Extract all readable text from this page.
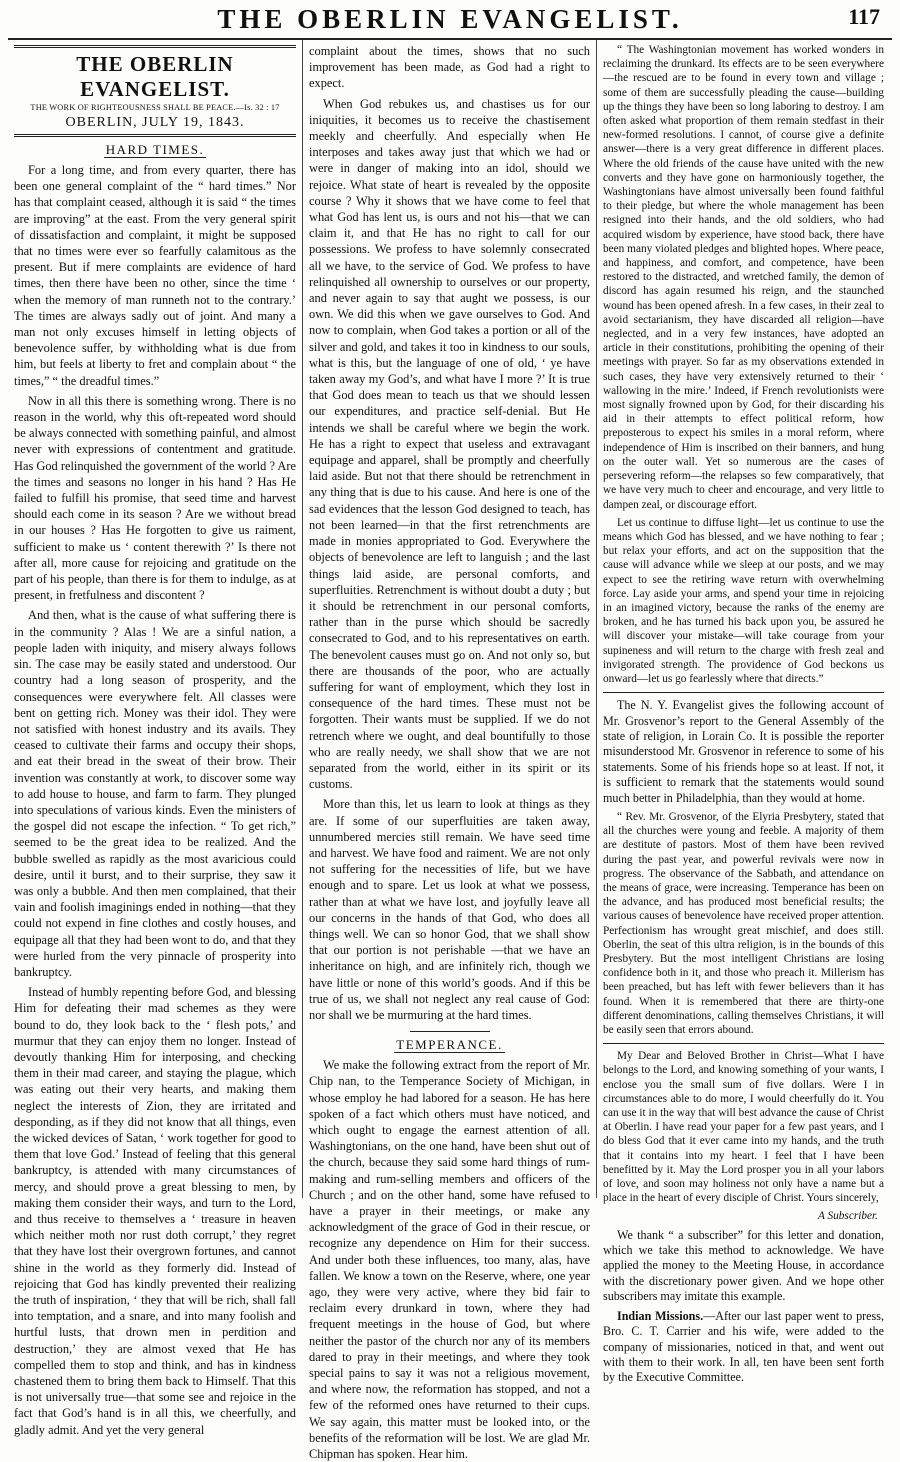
THE OBERLIN EVANGELIST.	117
THE OBERLIN EVANGELIST.
THE WORK OF RIGHTEOUSNESS SHALL BE PEACE.—Is. 32 : 17
OBERLIN, JULY 19, 1843.
HARD TIMES.

For a long time, and from every quarter, there has been one general complaint of the “ hard times.” Nor has that complaint ceased, although it is said “ the times are improving” at the east. From the very general spirit of dissatisfaction and complaint, it might be supposed that no times were ever so fearfully calamitous as the present. But if mere complaints are evidence of hard times, then there have been no other, since the time ‘ when the memory of man runneth not to the contrary.’ The times are always sadly out of joint. And many a man not only excuses himself in letting objects of benevolence suffer, by withholding what is due from him, but feels at liberty to fret and complain about “ the times,” “ the dreadful times.”

Now in all this there is something wrong. There is no reason in the world, why this oft-repeated word should be always connected with something painful, and almost never with expressions of contentment and gratitude. Has God relinquished the government of the world ? Are the times and seasons no longer in his hand ? Has He failed to fulfill his promise, that seed time and harvest should each come in its season ? Are we without bread in our houses ? Has He forgotten to give us raiment, sufficient to make us ‘ content therewith ?’ Is there not after all, more cause for rejoicing and gratitude on the part of his people, than there is for them to indulge, as at present, in fretfulness and discontent ?

And then, what is the cause of what suffering there is in the community ? Alas ! We are a sinful nation, a people laden with iniquity, and misery always follows sin. The case may be easily stated and understood. Our country had a long season of prosperity, and the consequences were everywhere felt. All classes were bent on getting rich. Money was their idol. They were not satisfied with honest industry and its avails. They ceased to cultivate their farms and occupy their shops, and eat their bread in the sweat of their brow. Their invention was constantly at work, to discover some way to add house to house, and farm to farm. They plunged into speculations of various kinds. Even the ministers of the gospel did not escape the infection. “ To get rich,” seemed to be the great idea to be realized. And the bubble swelled as rapidly as the most avaricious could desire, until it burst, and to their surprise, they saw it was only a bubble. And then men complained, that their vain and foolish imaginings ended in nothing—that they could not expend in fine clothes and costly houses, and equipage all that they had been wont to do, and that they were hurled from the very pinnacle of prosperity into bankruptcy.

Instead of humbly repenting before God, and blessing Him for defeating their mad schemes as they were bound to do, they look back to the ‘ flesh pots,’ and murmur that they can enjoy them no longer. Instead of devoutly thanking Him for interposing, and checking them in their mad career, and staying the plague, which was eating out their very hearts, and making them neglect the interests of Zion, they are irritated and desponding, as if they did not know that all things, even the wicked devices of Satan, ‘ work together for good to them that love God.’ Instead of feeling that this general bankruptcy, is attended with many circumstances of mercy, and should prove a great blessing to men, by making them consider their ways, and turn to the Lord, and thus receive to themselves a ‘ treasure in heaven which neither moth nor rust doth corrupt,’ they regret that they have lost their overgrown fortunes, and cannot shine in the world as they formerly did. Instead of rejoicing that God has kindly prevented their realizing the truth of inspiration, ‘ they that will be rich, shall fall into temptation, and a snare, and into many foolish and hurtful lusts, that drown men in perdition and destruction,’ they are almost vexed that He has compelled them to stop and think, and has in kindness chastened them to bring them back to Himself. That this is not universally true—that some see and rejoice in the fact that God’s hand is in all this, we cheerfully, and gladly admit. And yet the very general

complaint about the times, shows that no such improvement has been made, as God had a right to expect.

When God rebukes us, and chastises us for our iniquities, it becomes us to receive the chastisement meekly and cheerfully. And especially when He interposes and takes away just that which we had or were in danger of making into an idol, should we rejoice. What state of heart is revealed by the opposite course ? Why it shows that we have come to feel that what God has lent us, is ours and not his—that we can claim it, and that He has no right to call for our possessions. We profess to have solemnly consecrated all we have, to the service of God. We profess to have relinquished all ownership to ourselves or our property, and never again to say that aught we possess, is our own. We did this when we gave ourselves to God. And now to complain, when God takes a portion or all of the silver and gold, and takes it too in kindness to our souls, what is this, but the language of one of old, ‘ ye have taken away my God’s, and what have I more ?’ It is true that God does mean to teach us that we should lessen our expenditures, and practice self-denial. But He intends we shall be careful where we begin the work. He has a right to expect that useless and extravagant equipage and apparel, shall be promptly and cheerfully laid aside. But not that there should be retrenchment in any thing that is due to his cause. And here is one of the sad evidences that the lesson God designed to teach, has not been learned—in that the first retrenchments are made in monies appropriated to God. Everywhere the objects of benevolence are left to languish ; and the last things laid aside, are personal comforts, and superfluities. Retrenchment is without doubt a duty ; but it should be retrenchment in our personal comforts, rather than in the purse which should be sacredly consecrated to God, and to his representatives on earth. The benevolent causes must go on. And not only so, but there are thousands of the poor, who are actually suffering for want of employment, which they lost in consequence of the hard times. These must not be forgotten. Their wants must be supplied. If we do not retrench where we ought, and deal bountifully to those who are really needy, we shall show that we are not separated from the world, either in its spirit or its customs.

More than this, let us learn to look at things as they are. If some of our superfluities are taken away, unnumbered mercies still remain. We have seed time and harvest. We have food and raiment. We are not only not suffering for the necessities of life, but we have enough and to spare. Let us look at what we possess, rather than at what we have lost, and joyfully leave all our concerns in the hands of that God, who does all things well. We can so honor God, that we shall show that our portion is not perishable —that we have an inheritance on high, and are infinitely rich, though we have little or none of this world’s goods. And if this be true of us, we shall not neglect any real cause of God: nor shall we be murmuring at the hard times.

TEMPERANCE.

We make the following extract from the report of Mr. Chip nan, to the Temperance Society of Michigan, in whose employ he had labored for a season. He has here spoken of a fact which others must have noticed, and which ought to engage the earnest attention of all. Washingtonians, on the one hand, have been shut out of the church, because they said some hard things of rum-making and rum-selling members and officers of the Church ; and on the other hand, some have refused to have a prayer in their meetings, or make any acknowledgment of the grace of God in their rescue, or recognize any dependence on Him for their success. And under both these influences, too many, alas, have fallen. We know a town on the Reserve, where, one year ago, they were very active, where they bid fair to reclaim every drunkard in town, where they had frequent meetings in the house of God, but where neither the pastor of the church nor any of its members dared to pray in their meetings, and where they took special pains to say it was not a religious movement, and where now, the reformation has stopped, and not a few of the reformed ones have returned to their cups. We say again, this matter must be looked into, or the benefits of the reformation will be lost. We are glad Mr. Chipman has spoken. Hear him.

“ The Washingtonian movement has worked wonders in reclaiming the drunkard. Its effects are to be seen everywhere—the rescued are to be found in every town and village ; some of them are successfully pleading the cause—building up the things they have been so long laboring to destroy. I am often asked what proportion of them remain stedfast in their new-formed resolutions. I cannot, of course give a definite answer—there is a very great difference in different places. Where the old friends of the cause have united with the new converts and they have gone on harmoniously together, the Washingtonians have almost universally been found faithful to their pledge, but where the whole management has been resigned into their hands, and the old soldiers, who had acquired wisdom by experience, have stood back, there have been many violated pledges and blighted hopes. Where peace, and happiness, and comfort, and competence, have been restored to the distracted, and wretched family, the demon of discord has again resumed his reign, and the staunched wound has been opened afresh. In a few cases, in their zeal to avoid sectarianism, they have discarded all religion—have neglected, and in a very few instances, have adopted an article in their constitutions, prohibiting the opening of their meetings with prayer. So far as my observations extended in such cases, they have very extensively returned to their ‘ wallowing in the mire.’ Indeed, if French revolutionists were most signally frowned upon by God, for their discarding his aid in their attempts to effect political reform, how preposterous to expect his smiles in a moral reform, where independence of Him is inscribed on their banners, and hung on the outer wall. Yet so numerous are the cases of persevering reform—the relapses so few comparatively, that we have very much to cheer and encourage, and very little to dampen zeal, or discourage effort.

Let us continue to diffuse light—let us continue to use the means which God has blessed, and we have nothing to fear ; but relax your efforts, and act on the supposition that the cause will advance while we sleep at our posts, and we may expect to see the retiring wave return with overwhelming force. Lay aside your arms, and spend your time in rejoicing in an imagined victory, because the ranks of the enemy are broken, and he has turned his back upon you, be assured he will discover your mistake—will take courage from your supineness and will return to the charge with fresh zeal and invigorated strength. The providence of God beckons us onward—let us go fearlessly where that directs.”

The N. Y. Evangelist gives the following account of Mr. Grosvenor’s report to the General Assembly of the state of religion, in Lorain Co. It is possible the reporter misunderstood Mr. Grosvenor in reference to some of his statements. Some of his friends hope so at least. If not, it is sufficient to remark that the statements would sound much better in Philadelphia, than they would at home.

“ Rev. Mr. Grosvenor, of the Elyria Presbytery, stated that all the churches were young and feeble. A majority of them are destitute of pastors. Most of them have been revived during the past year, and powerful revivals were now in progress. The observance of the Sabbath, and attendance on the means of grace, were increasing. Temperance has been on the advance, and has produced most beneficial results; the various causes of benevolence have received proper attention. Perfectionism has wrought great mischief, and does still. Oberlin, the seat of this ultra religion, is in the bounds of this Presbytery. But the most intelligent Christians are losing confidence both in it, and those who preach it. Millerism has been preached, but has left with fewer believers than it has found. When it is remembered that there are thirty-one different denominations, calling themselves Christians, it will be easily seen that errors abound.

My Dear and Beloved Brother in Christ—What I have belongs to the Lord, and knowing something of your wants, I enclose you the small sum of five dollars. Were I in circumstances able to do more, I would cheerfully do it. You can use it in the way that will best advance the cause of Christ at Oberlin. I have read your paper for a few past years, and I do bless God that it ever came into my hands, and the truth that it contains into my heart. I feel that I have been benefitted by it. May the Lord prosper you in all your labors of love, and soon may holiness not only have a name but a place in the heart of every disciple of Christ. Yours sincerely,

A Subscriber.

We thank “ a subscriber” for this letter and donation, which we take this method to acknowledge. We have applied the money to the Meeting House, in accordance with the discretionary power given. And we hope other subscribers may imitate this example.

Indian Missions.—After our last paper went to press, Bro. C. T. Carrier and his wife, were added to the company of missionaries, noticed in that, and went out with them to their work. In all, ten have been sent forth by the Executive Committee.
